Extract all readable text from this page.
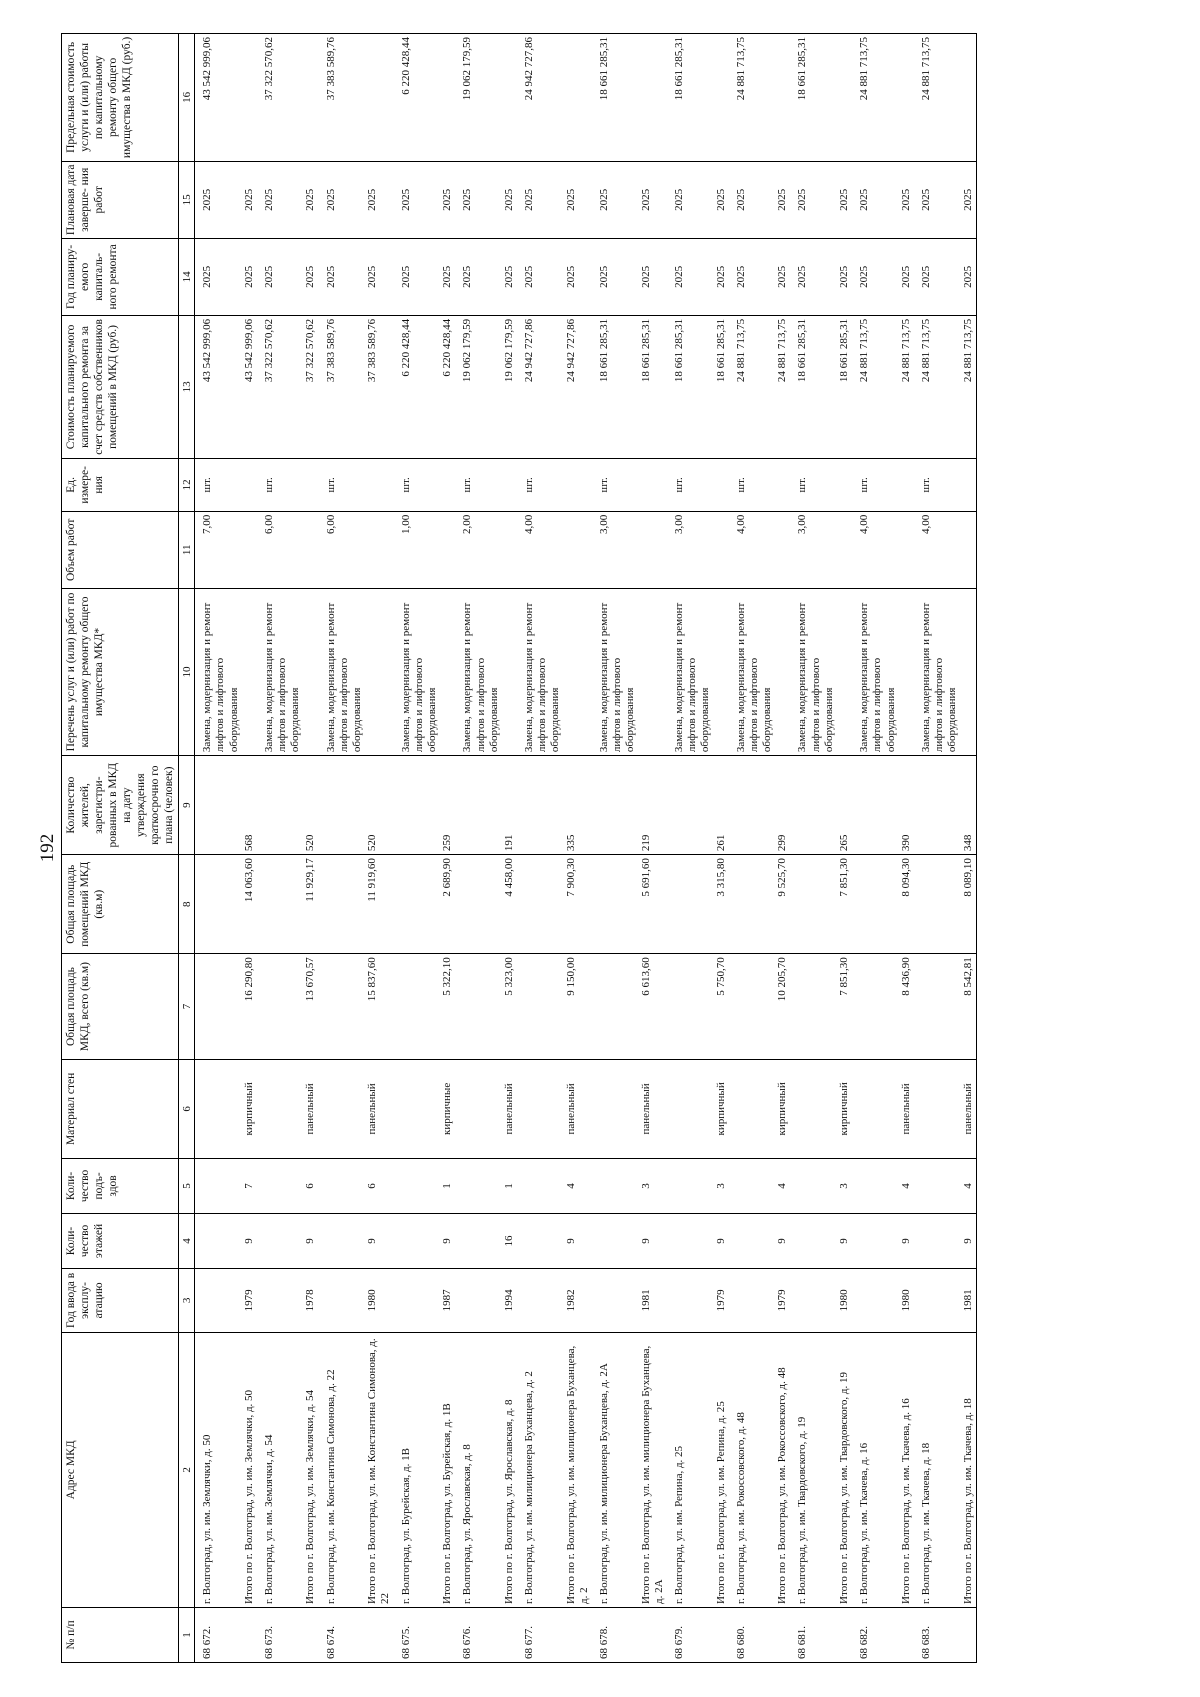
192
№ п/п	Адрес МКД	Год ввода в эксплу- атацию	Коли- чество этажей	Коли- чество подъ- здов	Материал стен	Общая площадь МКД, всего (кв.м)	Общая площадь помещений МКД (кв.м)	Количество жителей, зарегистри- рованных в МКД на дату утверждения краткосрочно го плана (человек)	Перечень услуг и (или) работ по капитальному ремонту общего имущества МКД*	Объем работ	Ед. измере- ния	Стоимость планируемого капитального ремонта за счет средств собственников помещений в МКД (руб.)	Год планиру- емого капиталь- ного ремонта	Плановая дата заверше- ния работ	Предельная стоимость услуги и (или) работы по капитальному ремонту общего имущества в МКД (руб.)
1	2	3	4	5	6	7	8	9	10	11	12	13	14	15	16
68 672.	г. Волгоград, ул. им. Землячки, д. 50								Замена, модернизация и ремонт лифтов и лифтового оборудования	7,00	шт.	43 542 999,06	2025	2025	43 542 999,06
	Итого по г. Волгоград, ул. им. Землячки, д. 50	1979	9	7	кирпичный	16 290,80	14 063,60	568				43 542 999,06	2025	2025	
68 673.	г. Волгоград, ул. им. Землячки, д. 54								Замена, модернизация и ремонт лифтов и лифтового оборудования	6,00	шт.	37 322 570,62	2025	2025	37 322 570,62
	Итого по г. Волгоград, ул. им. Землячки, д. 54	1978	9	6	панельный	13 670,57	11 929,17	520				37 322 570,62	2025	2025	
68 674.	г. Волгоград, ул. им. Константина Симонова, д. 22								Замена, модернизация и ремонт лифтов и лифтового оборудования	6,00	шт.	37 383 589,76	2025	2025	37 383 589,76
	Итого по г. Волгоград, ул. им. Константина Симонова, д. 22	1980	9	6	панельный	15 837,60	11 919,60	520				37 383 589,76	2025	2025	
68 675.	г. Волгоград, ул. Бурейская, д. 1В								Замена, модернизация и ремонт лифтов и лифтового оборудования	1,00	шт.	6 220 428,44	2025	2025	6 220 428,44
	Итого по г. Волгоград, ул. Бурейская, д. 1В	1987	9	1	кирпичные	5 322,10	2 689,90	259				6 220 428,44	2025	2025	
68 676.	г. Волгоград, ул. Ярославская, д. 8								Замена, модернизация и ремонт лифтов и лифтового оборудования	2,00	шт.	19 062 179,59	2025	2025	19 062 179,59
	Итого по г. Волгоград, ул. Ярославская, д. 8	1994	16	1	панельный	5 323,00	4 458,00	191				19 062 179,59	2025	2025	
68 677.	г. Волгоград, ул. им. милиционера Буханцева, д. 2								Замена, модернизация и ремонт лифтов и лифтового оборудования	4,00	шт.	24 942 727,86	2025	2025	24 942 727,86
	Итого по г. Волгоград, ул. им. милиционера Буханцева, д. 2	1982	9	4	панельный	9 150,00	7 900,30	335				24 942 727,86	2025	2025	
68 678.	г. Волгоград, ул. им. милиционера Буханцева, д. 2А								Замена, модернизация и ремонт лифтов и лифтового оборудования	3,00	шт.	18 661 285,31	2025	2025	18 661 285,31
	Итого по г. Волгоград, ул. им. милиционера Буханцева, д. 2А	1981	9	3	панельный	6 613,60	5 691,60	219				18 661 285,31	2025	2025	
68 679.	г. Волгоград, ул. им. Репина, д. 25								Замена, модернизация и ремонт лифтов и лифтового оборудования	3,00	шт.	18 661 285,31	2025	2025	18 661 285,31
	Итого по г. Волгоград, ул. им. Репина, д. 25	1979	9	3	кирпичный	5 750,70	3 315,80	261				18 661 285,31	2025	2025	
68 680.	г. Волгоград, ул. им. Рокоссовского, д. 48								Замена, модернизация и ремонт лифтов и лифтового оборудования	4,00	шт.	24 881 713,75	2025	2025	24 881 713,75
	Итого по г. Волгоград, ул. им. Рокоссовского, д. 48	1979	9	4	кирпичный	10 205,70	9 525,70	299				24 881 713,75	2025	2025	
68 681.	г. Волгоград, ул. им. Твардовского, д. 19								Замена, модернизация и ремонт лифтов и лифтового оборудования	3,00	шт.	18 661 285,31	2025	2025	18 661 285,31
	Итого по г. Волгоград, ул. им. Твардовского, д. 19	1980	9	3	кирпичный	7 851,30	7 851,30	265				18 661 285,31	2025	2025	
68 682.	г. Волгоград, ул. им. Ткачева, д. 16								Замена, модернизация и ремонт лифтов и лифтового оборудования	4,00	шт.	24 881 713,75	2025	2025	24 881 713,75
	Итого по г. Волгоград, ул. им. Ткачева, д. 16	1980	9	4	панельный	8 436,90	8 094,30	390				24 881 713,75	2025	2025	
68 683.	г. Волгоград, ул. им. Ткачева, д. 18								Замена, модернизация и ремонт лифтов и лифтового оборудования	4,00	шт.	24 881 713,75	2025	2025	24 881 713,75
	Итого по г. Волгоград, ул. им. Ткачева, д. 18	1981	9	4	панельный	8 542,81	8 089,10	348				24 881 713,75	2025	2025	
